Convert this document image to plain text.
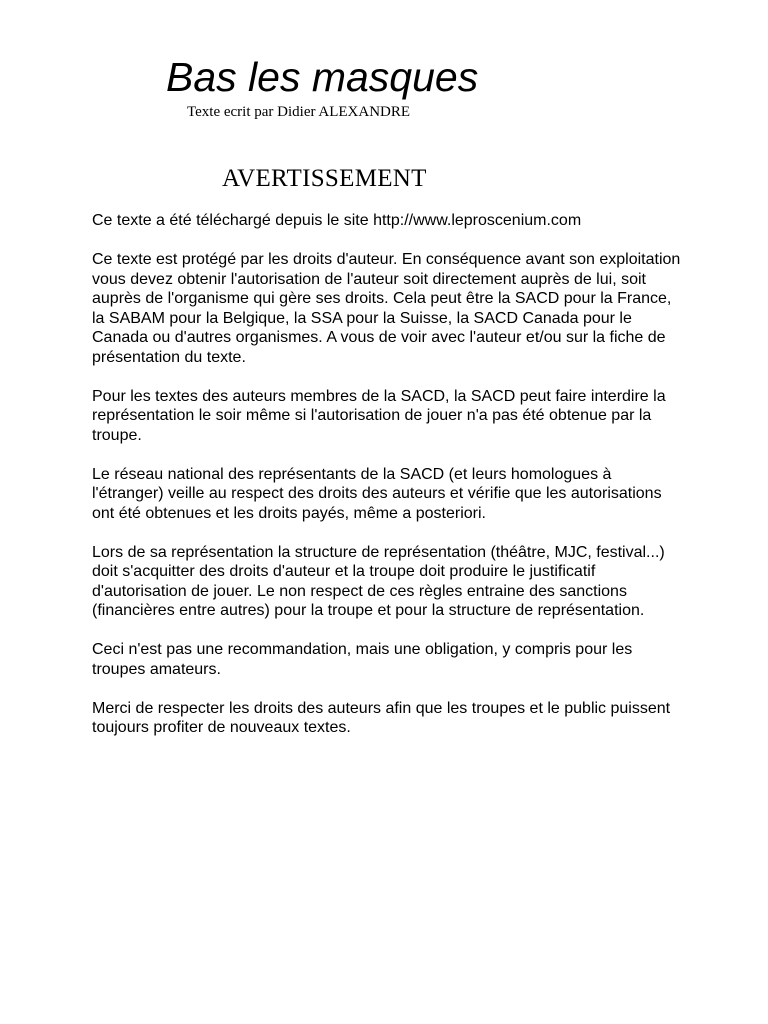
Bas les masques
Texte ecrit par Didier ALEXANDRE
AVERTISSEMENT

Ce texte a été téléchargé depuis le site http://www.leproscenium.com

Ce texte est protégé par les droits d'auteur. En conséquence avant son exploitation vous devez obtenir l'autorisation de l'auteur soit directement auprès de lui, soit auprès de l'organisme qui gère ses droits. Cela peut être la SACD pour la France, la SABAM pour la Belgique, la SSA pour la Suisse, la SACD Canada pour le Canada ou d'autres organismes. A vous de voir avec l'auteur et/ou sur la fiche de présentation du texte.

Pour les textes des auteurs membres de la SACD, la SACD peut faire interdire la représentation le soir même si l'autorisation de jouer n'a pas été obtenue par la troupe.

Le réseau national des représentants de la SACD (et leurs homologues à l'étranger) veille au respect des droits des auteurs et vérifie que les autorisations ont été obtenues et les droits payés, même a posteriori.

Lors de sa représentation la structure de représentation (théâtre, MJC, festival...) doit s'acquitter des droits d'auteur et la troupe doit produire le justificatif d'autorisation de jouer. Le non respect de ces règles entraine des sanctions (financières entre autres) pour la troupe et pour la structure de représentation.

Ceci n'est pas une recommandation, mais une obligation, y compris pour les troupes amateurs.

Merci de respecter les droits des auteurs afin que les troupes et le public puissent toujours profiter de nouveaux textes.
